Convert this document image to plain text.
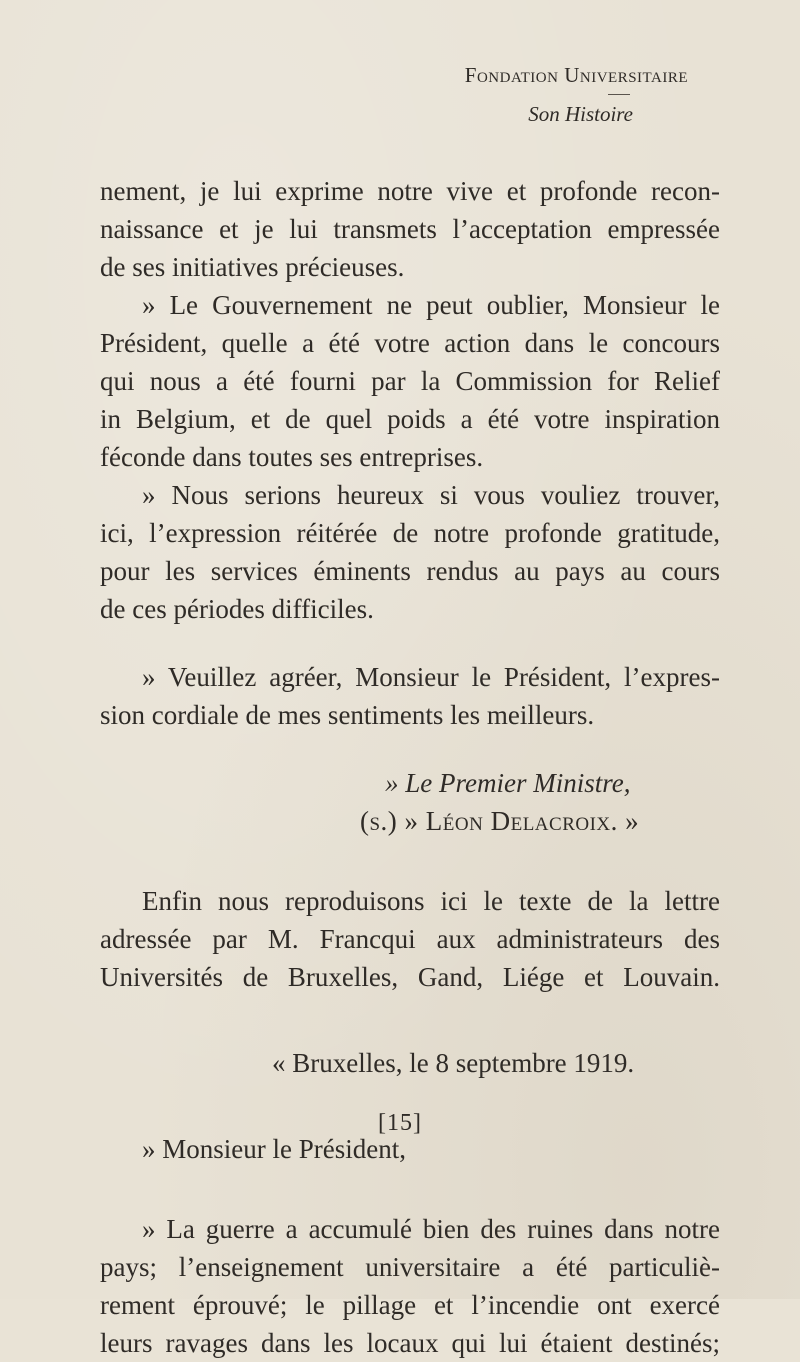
Fondation Universitaire
Son Histoire
nement, je lui exprime notre vive et profonde recon-
naissance et je lui transmets l’acceptation empressée
de ses initiatives précieuses.
» Le Gouvernement ne peut oublier, Monsieur le
Président, quelle a été votre action dans le concours
qui nous a été fourni par la Commission for Relief
in Belgium, et de quel poids a été votre inspiration
féconde dans toutes ses entreprises.
» Nous serions heureux si vous vouliez trouver,
ici, l’expression réitérée de notre profonde gratitude,
pour les services éminents rendus au pays au cours
de ces périodes difficiles.
» Veuillez agréer, Monsieur le Président, l’expres-
sion cordiale de mes sentiments les meilleurs.
» Le Premier Ministre,
(s.) » Léon Delacroix. »
Enfin nous reproduisons ici le texte de la lettre
adressée par M. Francqui aux administrateurs des
Universités de Bruxelles, Gand, Liége et Louvain.
« Bruxelles, le 8 septembre 1919.
» Monsieur le Président,
» La guerre a accumulé bien des ruines dans notre
pays; l’enseignement universitaire a été particuliè-
rement éprouvé; le pillage et l’incendie ont exercé
leurs ravages dans les locaux qui lui étaient destinés;
[15]
